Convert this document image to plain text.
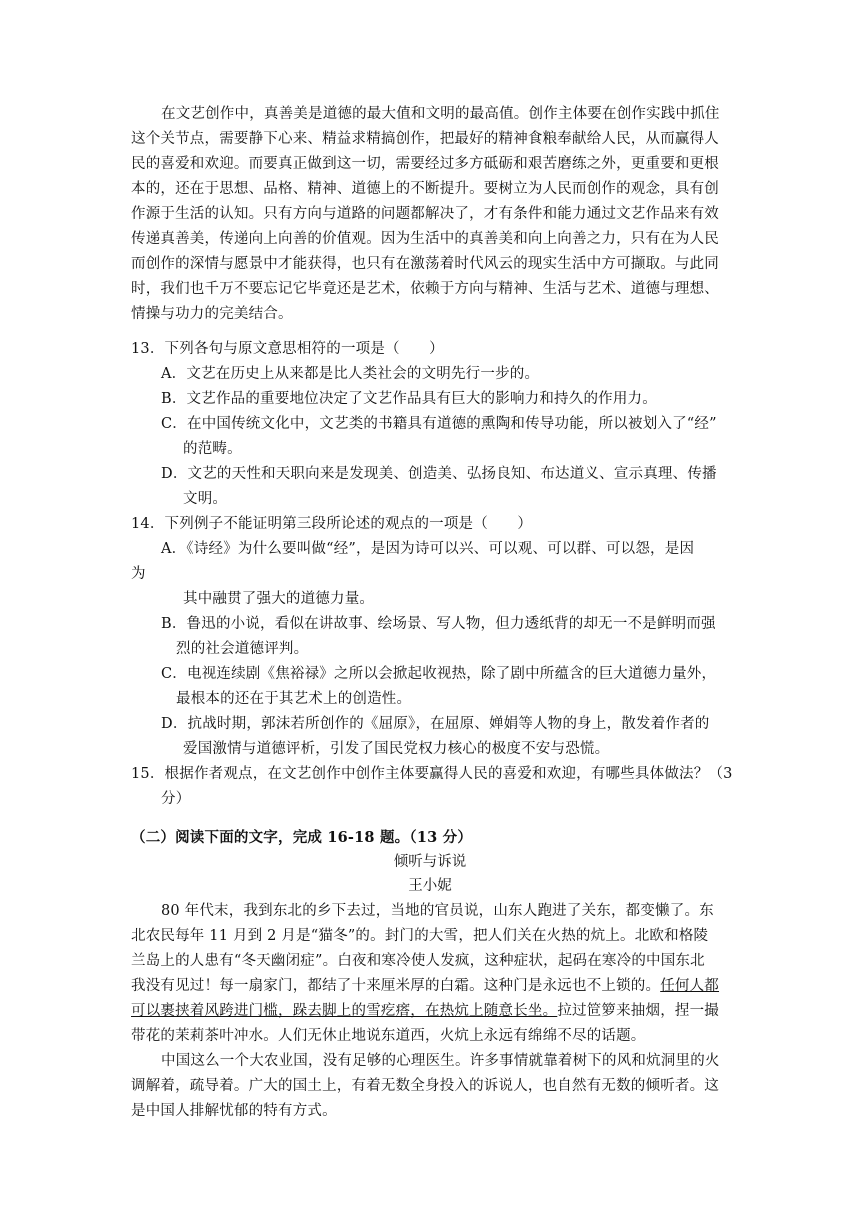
在文艺创作中，真善美是道德的最大值和文明的最高值。创作主体要在创作实践中抓住
这个关节点，需要静下心来、精益求精搞创作，把最好的精神食粮奉献给人民，从而赢得人
民的喜爱和欢迎。而要真正做到这一切，需要经过多方砥砺和艰苦磨练之外，更重要和更根
本的，还在于思想、品格、精神、道德上的不断提升。要树立为人民而创作的观念，具有创
作源于生活的认知。只有方向与道路的问题都解决了，才有条件和能力通过文艺作品来有效
传递真善美，传递向上向善的价值观。因为生活中的真善美和向上向善之力，只有在为人民
而创作的深情与愿景中才能获得，也只有在激荡着时代风云的现实生活中方可撷取。与此同
时，我们也千万不要忘记它毕竟还是艺术，依赖于方向与精神、生活与艺术、道德与理想、
情操与功力的完美结合。
13．下列各句与原文意思相符的一项是（　　）
A．文艺在历史上从来都是比人类社会的文明先行一步的。
B．文艺作品的重要地位决定了文艺作品具有巨大的影响力和持久的作用力。
C．在中国传统文化中，文艺类的书籍具有道德的熏陶和传导功能，所以被划入了“经”
的范畴。
D．文艺的天性和天职向来是发现美、创造美、弘扬良知、布达道义、宣示真理、传播
文明。
14．下列例子不能证明第三段所论述的观点的一项是（　　）
A．《诗经》为什么要叫做“经”，是因为诗可以兴、可以观、可以群、可以怨，是因
为
其中融贯了强大的道德力量。
B．鲁迅的小说，看似在讲故事、绘场景、写人物，但力透纸背的却无一不是鲜明而强
烈的社会道德评判。
C．电视连续剧《焦裕禄》之所以会掀起收视热，除了剧中所蕴含的巨大道德力量外，
最根本的还在于其艺术上的创造性。
D．抗战时期，郭沫若所创作的《屈原》，在屈原、婵娟等人物的身上，散发着作者的
爱国激情与道德评析，引发了国民党权力核心的极度不安与恐慌。
15．根据作者观点，在文艺创作中创作主体要赢得人民的喜爱和欢迎，有哪些具体做法？（3
分）
（二）阅读下面的文字，完成 16-18 题。（13 分）
倾听与诉说
王小妮
80 年代末，我到东北的乡下去过，当地的官员说，山东人跑进了关东，都变懒了。东
北农民每年 11 月到 2 月是“猫冬”的。封门的大雪，把人们关在火热的炕上。北欧和格陵
兰岛上的人患有“冬天幽闭症”。白夜和寒冷使人发疯，这种症状，起码在寒冷的中国东北
我没有见过！每一扇家门，都结了十来厘米厚的白霜。这种门是永远也不上锁的。任何人都
可以裹挟着风跨进门槛，跺去脚上的雪疙瘩，在热炕上随意长坐。拉过笸箩来抽烟，捏一撮
带花的茉莉茶叶冲水。人们无休止地说东道西，火炕上永远有绵绵不尽的话题。
中国这么一个大农业国，没有足够的心理医生。许多事情就靠着树下的风和炕洞里的火
调解着，疏导着。广大的国土上，有着无数全身投入的诉说人，也自然有无数的倾听者。这
是中国人排解忧郁的特有方式。
